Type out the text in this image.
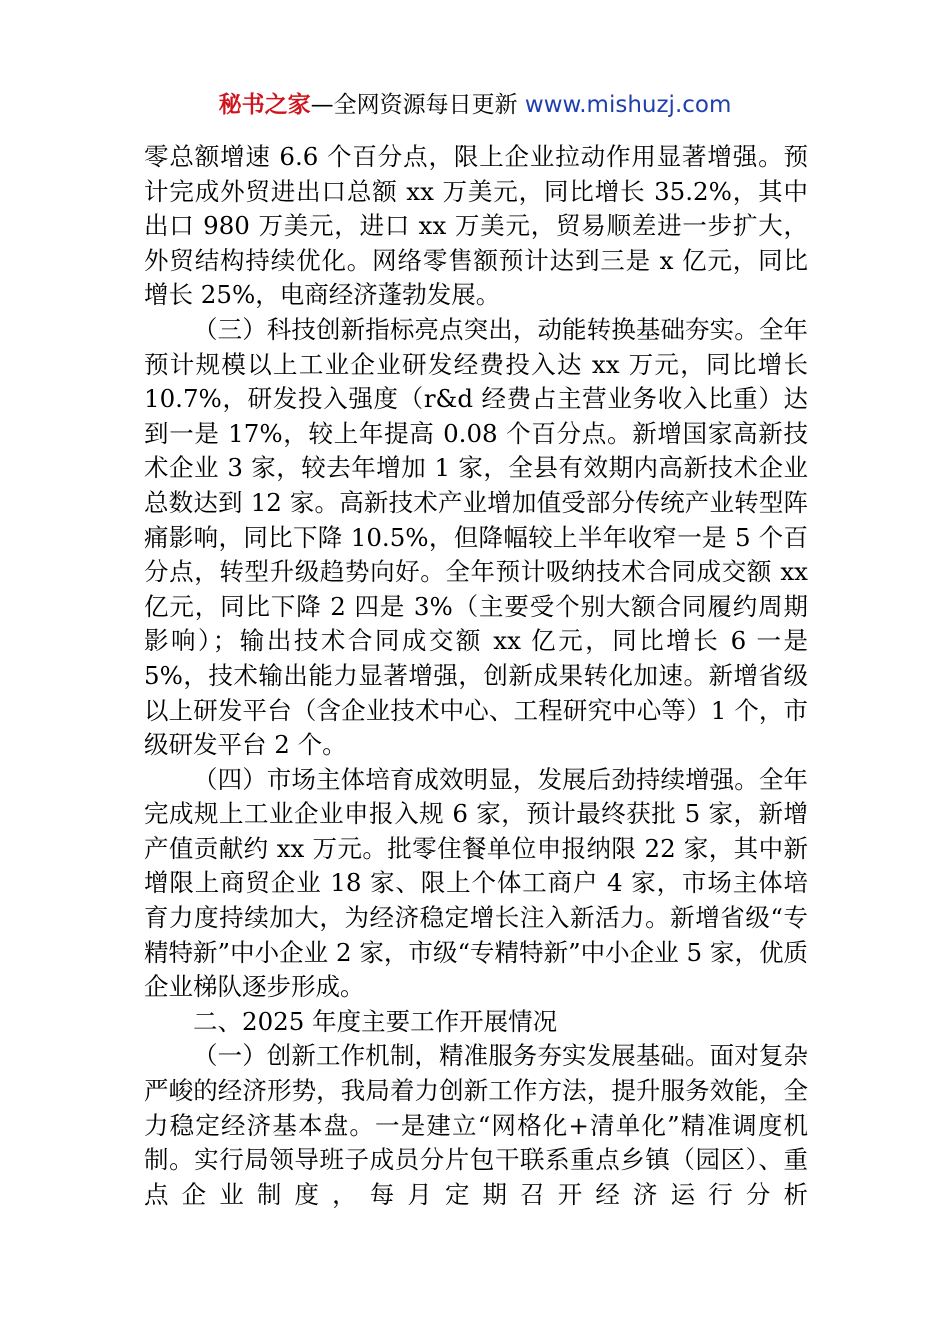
秘书之家—全网资源每日更新 www.mishuzj.com

零总额增速 6.6 个百分点，限上企业拉动作用显著增强。预计完成外贸进出口总额 xx 万美元，同比增长 35.2%，其中出口 980 万美元，进口 xx 万美元，贸易顺差进一步扩大，外贸结构持续优化。网络零售额预计达到三是 x 亿元，同比增长 25%，电商经济蓬勃发展。

（三）科技创新指标亮点突出，动能转换基础夯实。全年预计规模以上工业企业研发经费投入达 xx 万元，同比增长 10.7%，研发投入强度（r&d 经费占主营业务收入比重）达到一是 17%，较上年提高 0.08 个百分点。新增国家高新技术企业 3 家，较去年增加 1 家，全县有效期内高新技术企业总数达到 12 家。高新技术产业增加值受部分传统产业转型阵痛影响，同比下降 10.5%，但降幅较上半年收窄一是 5 个百分点，转型升级趋势向好。全年预计吸纳技术合同成交额 xx 亿元，同比下降 2 四是 3%（主要受个别大额合同履约周期影响）；输出技术合同成交额 xx 亿元，同比增长 6 一是 5%，技术输出能力显著增强，创新成果转化加速。新增省级以上研发平台（含企业技术中心、工程研究中心等）1 个，市级研发平台 2 个。

（四）市场主体培育成效明显，发展后劲持续增强。全年完成规上工业企业申报入规 6 家，预计最终获批 5 家，新增产值贡献约 xx 万元。批零住餐单位申报纳限 22 家，其中新增限上商贸企业 18 家、限上个体工商户 4 家，市场主体培育力度持续加大，为经济稳定增长注入新活力。新增省级“专精特新”中小企业 2 家，市级“专精特新”中小企业 5 家，优质企业梯队逐步形成。

二、2025 年度主要工作开展情况

（一）创新工作机制，精准服务夯实发展基础。面对复杂严峻的经济形势，我局着力创新工作方法，提升服务效能，全力稳定经济基本盘。一是建立“网格化+清单化”精准调度机制。实行局领导班子成员分片包干联系重点乡镇（园区）、重点企业制度，每月定期召开经济运行分析
